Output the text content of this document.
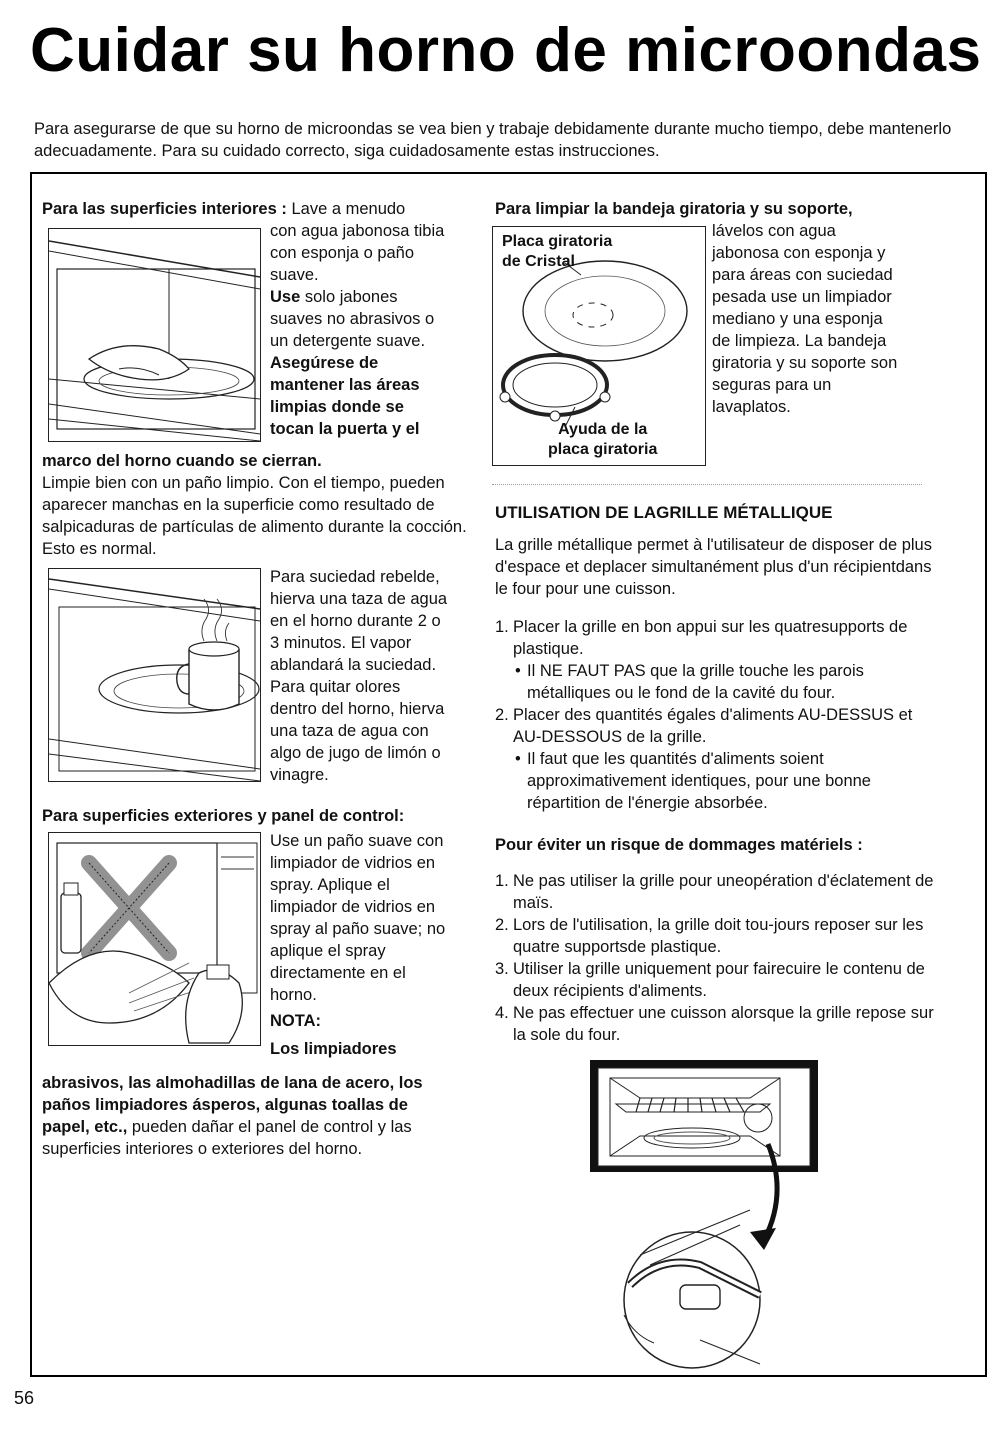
Cuidar su horno de microondas

Para asegurarse de que su horno de microondas se vea bien y trabaje debidamente durante mucho tiempo, debe mantenerlo adecuadamente. Para su cuidado correcto, siga cuidadosamente estas instrucciones.

Para las superficies interiores : Lave a menudo

con agua jabonosa tibia

con esponja o paño

suave.

Use solo jabones

suaves no abrasivos o

un detergente suave.

Asegúrese de

mantener las áreas

limpias donde se

tocan la puerta y el

marco del horno cuando se cierran.

Limpie bien con un paño limpio. Con el tiempo, pueden aparecer manchas en la superficie como resultado de salpicaduras de partículas de alimento durante la cocción. Esto es normal.

Para suciedad rebelde,

hierva una taza de agua

en el horno durante 2 o

3 minutos. El vapor

ablandará la suciedad.

Para quitar olores

dentro del horno, hierva

una taza de agua con

algo de jugo de limón o

vinagre.

Para superficies exteriores y panel de control:

Use un paño suave con

limpiador de vidrios en

spray. Aplique el

limpiador de vidrios en

spray al paño suave; no

aplique el spray

directamente en el

horno.

NOTA:

Los limpiadores

abrasivos, las almohadillas de lana de acero, los

paños limpiadores ásperos, algunas toallas de

papel, etc., pueden dañar el panel de control y las

superficies interiores o exteriores del horno.

Para limpiar la bandeja giratoria y su soporte,

Placa giratoria
de Cristal
Ayuda de la
placa giratoria

lávelos con agua

jabonosa con esponja y

para áreas con suciedad

pesada use un limpiador

mediano y una esponja

de limpieza. La bandeja

giratoria y su soporte son

seguras para un

lavaplatos.

UTILISATION DE LAGRILLE MÉTALLIQUE

La grille métallique permet à l'utilisateur de disposer de plus d'espace et deplacer simultanément plus d'un récipientdans le four pour une cuisson.

1. Placer la grille en bon appui sur les quatresupports de plastique.
• Il NE FAUT PAS que la grille touche les parois métalliques ou le fond de la cavité du four.
2. Placer des quantités égales d'aliments AU-DESSUS et AU-DESSOUS de la grille.
• Il faut que les quantités d'aliments soient approximativement identiques, pour une bonne répartition de l'énergie absorbée.

Pour éviter un risque de dommages matériels :

1. Ne pas utiliser la grille pour uneopération d'éclatement de maïs.
2. Lors de l'utilisation, la grille doit tou-jours reposer sur les quatre supportsde plastique.
3. Utiliser la grille uniquement pour fairecuire le contenu de deux récipients d'aliments.
4. Ne pas effectuer une cuisson alorsque la grille repose sur la sole du four.
56
